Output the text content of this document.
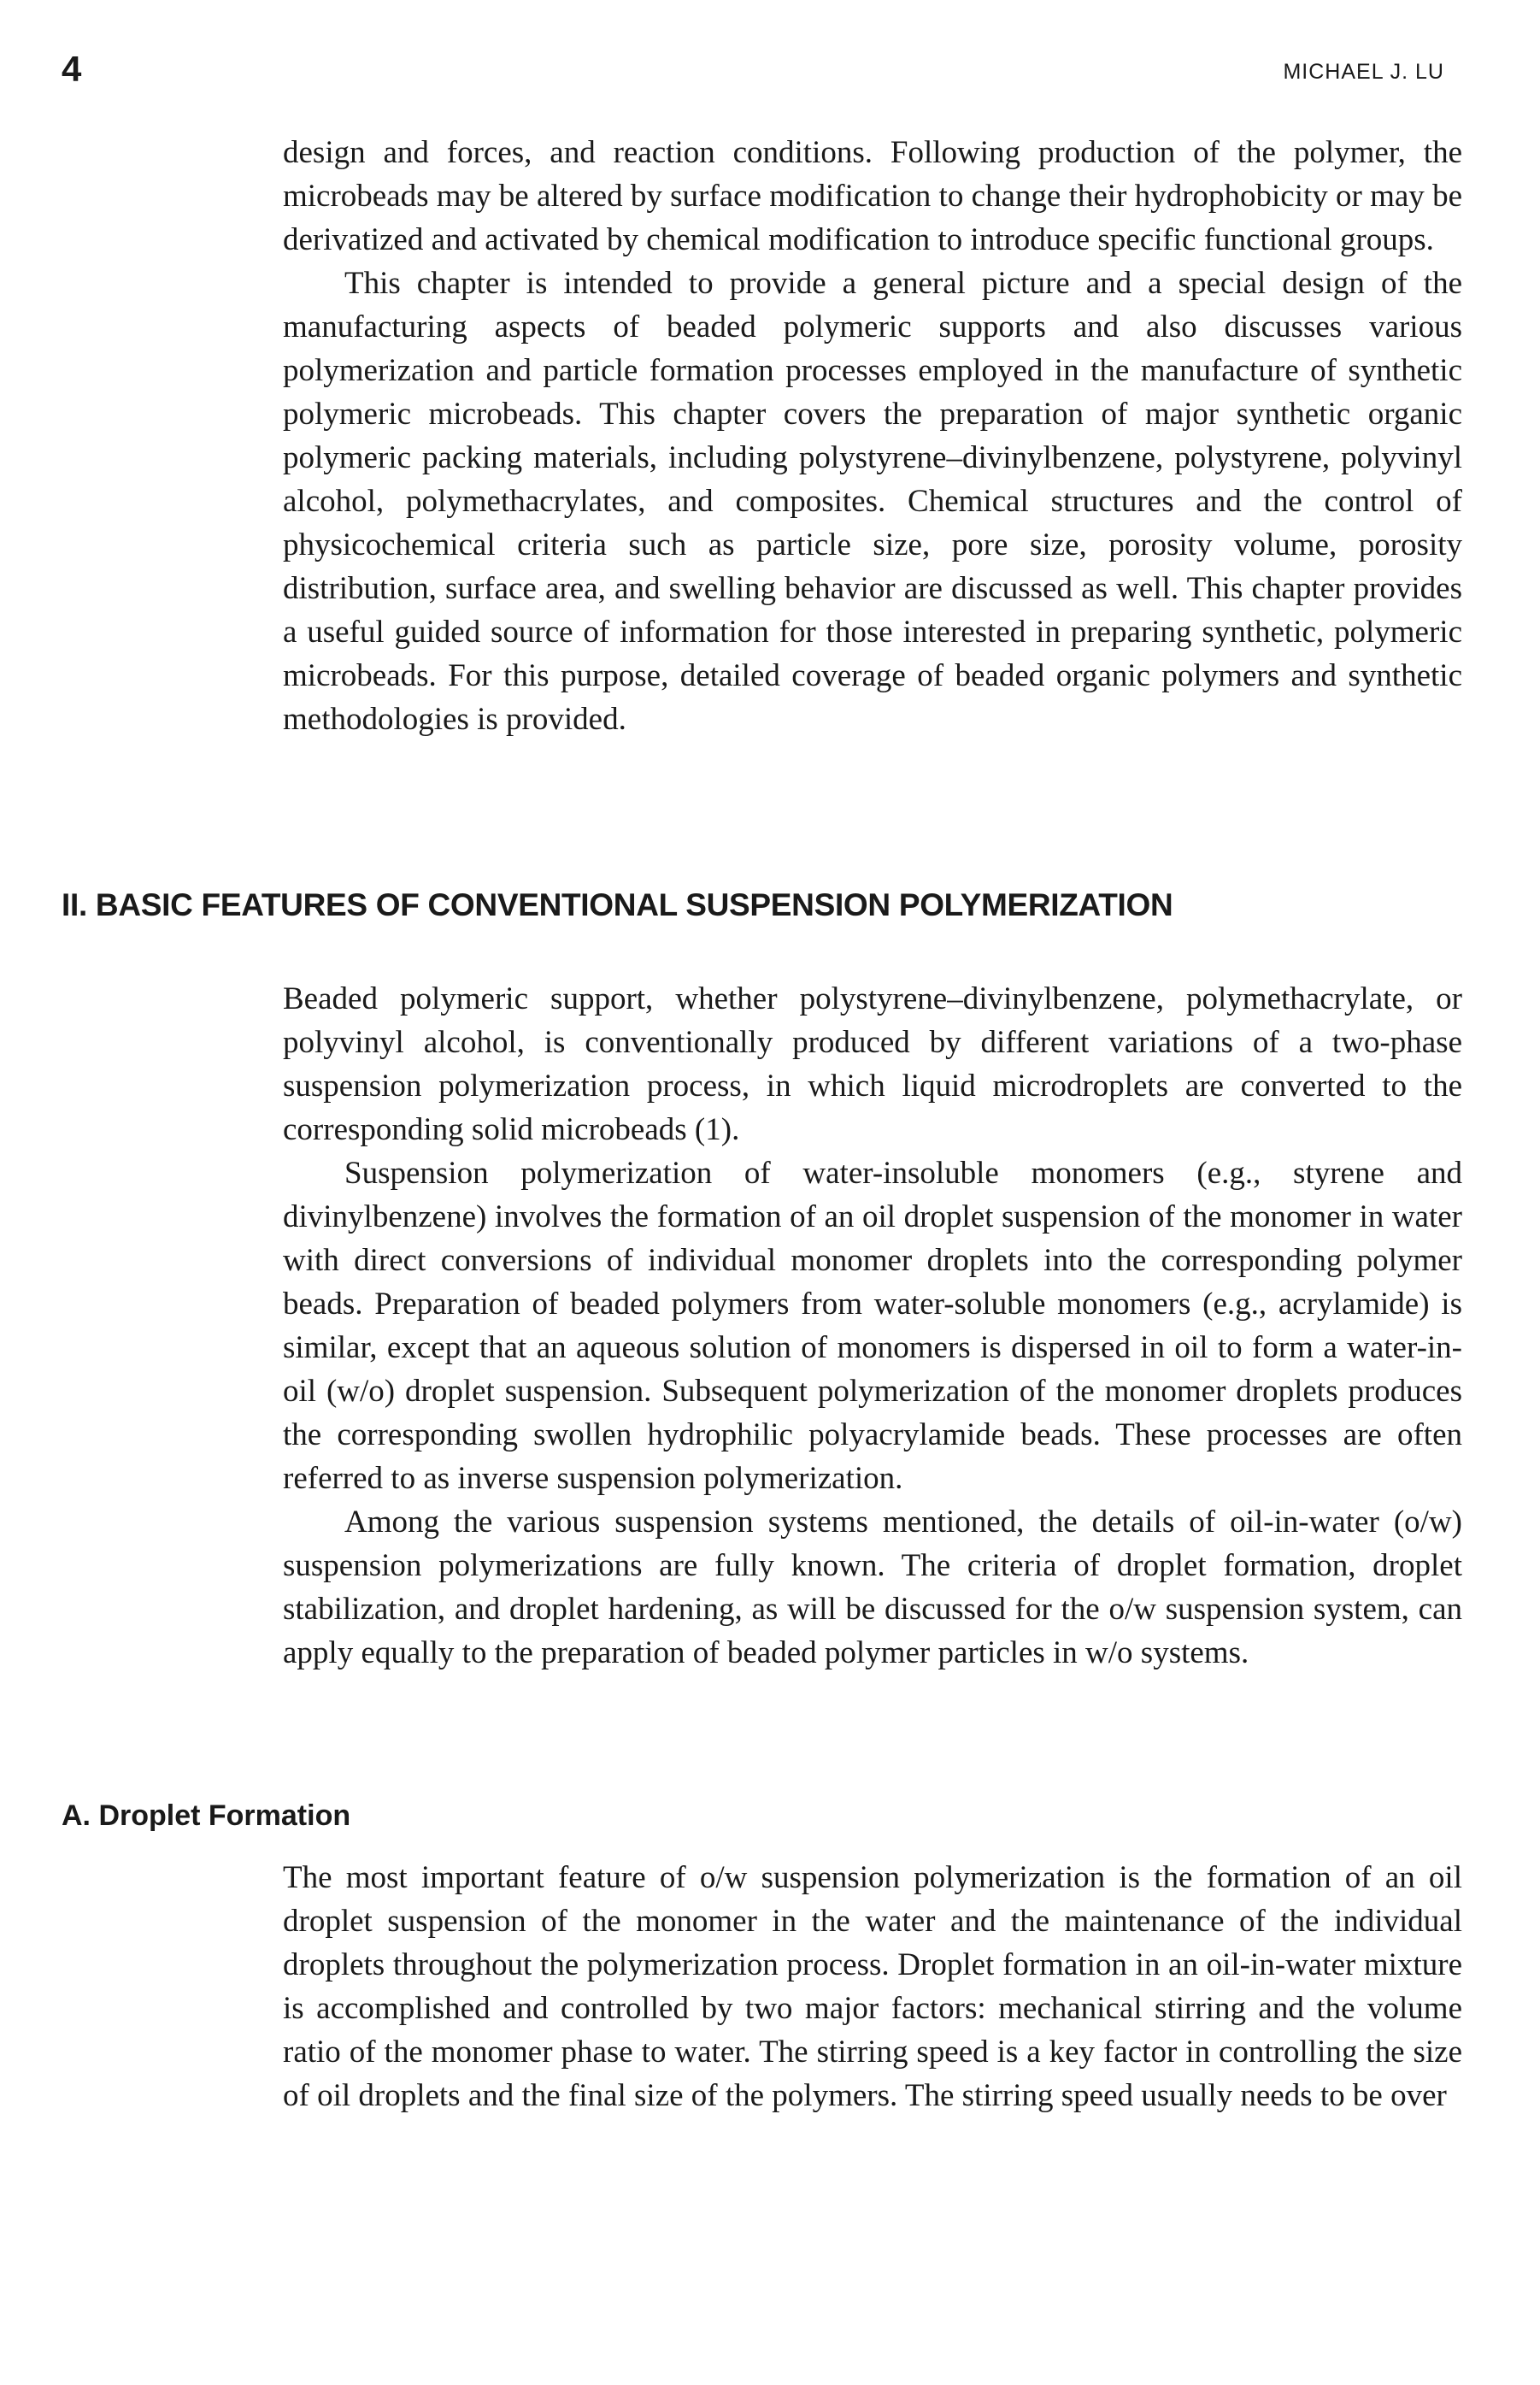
4	MICHAEL J. LU

design and forces, and reaction conditions. Following production of the polymer, the microbeads may be altered by surface modification to change their hydrophobicity or may be derivatized and activated by chemical modification to introduce specific functional groups.

This chapter is intended to provide a general picture and a special design of the manufacturing aspects of beaded polymeric supports and also discusses various polymerization and particle formation processes employed in the manufacture of synthetic polymeric microbeads. This chapter covers the preparation of major synthetic organic polymeric packing materials, including polystyrene–divinylbenzene, polystyrene, polyvinyl alcohol, polymethacrylates, and composites. Chemical structures and the control of physicochemical criteria such as particle size, pore size, porosity volume, porosity distribution, surface area, and swelling behavior are discussed as well. This chapter provides a useful guided source of information for those interested in preparing synthetic, polymeric microbeads. For this purpose, detailed coverage of beaded organic polymers and synthetic methodologies is provided.

II. BASIC FEATURES OF CONVENTIONAL SUSPENSION POLYMERIZATION

Beaded polymeric support, whether polystyrene–divinylbenzene, polymethacrylate, or polyvinyl alcohol, is conventionally produced by different variations of a two-phase suspension polymerization process, in which liquid microdroplets are converted to the corresponding solid microbeads (1).

Suspension polymerization of water-insoluble monomers (e.g., styrene and divinylbenzene) involves the formation of an oil droplet suspension of the monomer in water with direct conversions of individual monomer droplets into the corresponding polymer beads. Preparation of beaded polymers from water-soluble monomers (e.g., acrylamide) is similar, except that an aqueous solution of monomers is dispersed in oil to form a water-in-oil (w/o) droplet suspension. Subsequent polymerization of the monomer droplets produces the corresponding swollen hydrophilic polyacrylamide beads. These processes are often referred to as inverse suspension polymerization.

Among the various suspension systems mentioned, the details of oil-in-water (o/w) suspension polymerizations are fully known. The criteria of droplet formation, droplet stabilization, and droplet hardening, as will be discussed for the o/w suspension system, can apply equally to the preparation of beaded polymer particles in w/o systems.

A. Droplet Formation

The most important feature of o/w suspension polymerization is the formation of an oil droplet suspension of the monomer in the water and the maintenance of the individual droplets throughout the polymerization process. Droplet formation in an oil-in-water mixture is accomplished and controlled by two major factors: mechanical stirring and the volume ratio of the monomer phase to water. The stirring speed is a key factor in controlling the size of oil droplets and the final size of the polymers. The stirring speed usually needs to be over
